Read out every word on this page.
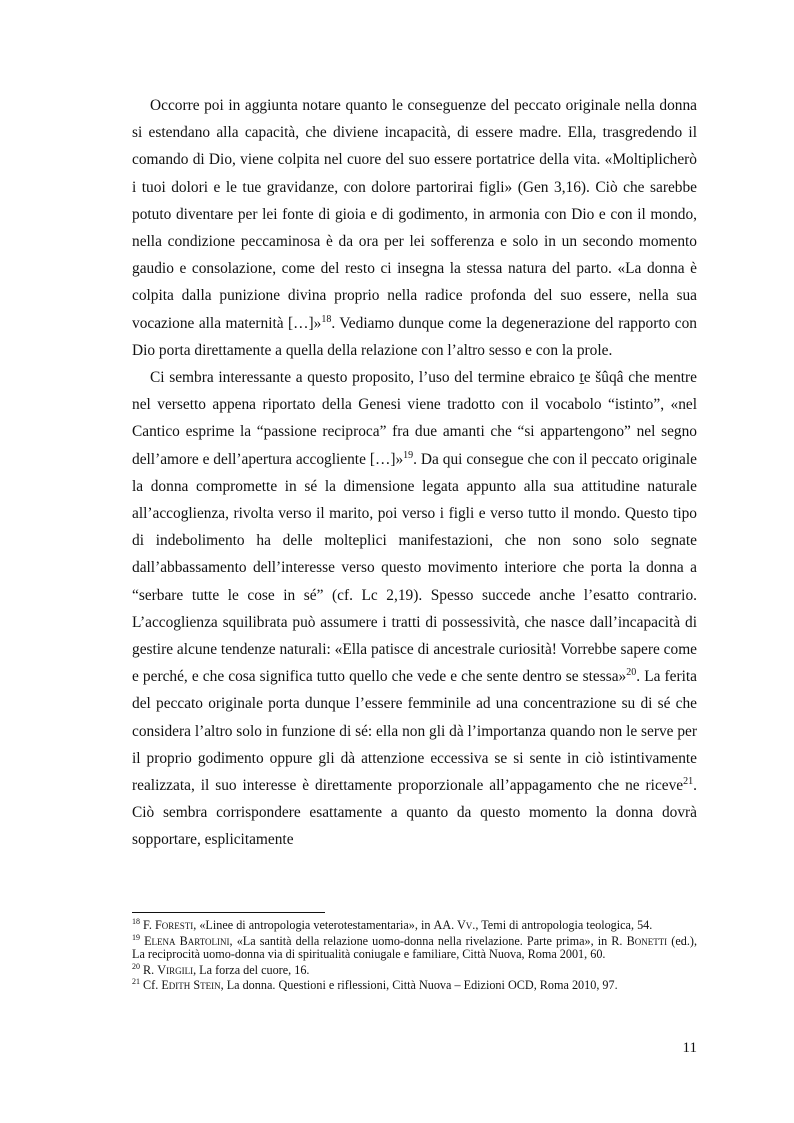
Occorre poi in aggiunta notare quanto le conseguenze del peccato originale nella donna si estendano alla capacità, che diviene incapacità, di essere madre. Ella, trasgredendo il comando di Dio, viene colpita nel cuore del suo essere portatrice della vita. «Moltiplicherò i tuoi dolori e le tue gravidanze, con dolore partorirai figli» (Gen 3,16). Ciò che sarebbe potuto diventare per lei fonte di gioia e di godimento, in armonia con Dio e con il mondo, nella condizione peccaminosa è da ora per lei sofferenza e solo in un secondo momento gaudio e consolazione, come del resto ci insegna la stessa natura del parto. «La donna è colpita dalla punizione divina proprio nella radice profonda del suo essere, nella sua vocazione alla maternità […]»$^{18}$. Vediamo dunque come la degenerazione del rapporto con Dio porta direttamente a quella della relazione con l’altro sesso e con la prole.

Ci sembra interessante a questo proposito, l’uso del termine ebraico ṯe šûqâ che mentre nel versetto appena riportato della Genesi viene tradotto con il vocabolo “istinto”, «nel Cantico esprime la “passione reciproca” fra due amanti che “si appartengono” nel segno dell’amore e dell’apertura accogliente […]»$^{19}$. Da qui consegue che con il peccato originale la donna compromette in sé la dimensione legata appunto alla sua attitudine naturale all’accoglienza, rivolta verso il marito, poi verso i figli e verso tutto il mondo. Questo tipo di indebolimento ha delle molteplici manifestazioni, che non sono solo segnate dall’abbassamento dell’interesse verso questo movimento interiore che porta la donna a “serbare tutte le cose in sé” (cf. Lc 2,19). Spesso succede anche l’esatto contrario. L’accoglienza squilibrata può assumere i tratti di possessività, che nasce dall’incapacità di gestire alcune tendenze naturali: «Ella patisce di ancestrale curiosità! Vorrebbe sapere come e perché, e che cosa significa tutto quello che vede e che sente dentro se stessa»$^{20}$. La ferita del peccato originale porta dunque l’essere femminile ad una concentrazione su di sé che considera l’altro solo in funzione di sé: ella non gli dà l’importanza quando non le serve per il proprio godimento oppure gli dà attenzione eccessiva se si sente in ciò istintivamente realizzata, il suo interesse è direttamente proporzionale all’appagamento che ne riceve$^{21}$. Ciò sembra corrispondere esattamente a quanto da questo momento la donna dovrà sopportare, esplicitamente

$^{18}$ F. Foresti, «Linee di antropologia veterotestamentaria», in AA. Vv., Temi di antropologia teologica, 54.

$^{19}$ Elena Bartolini, «La santità della relazione uomo-donna nella rivelazione. Parte prima», in R. Bonetti (ed.), La reciprocità uomo-donna via di spiritualità coniugale e familiare, Città Nuova, Roma 2001, 60.

$^{20}$ R. Virgili, La forza del cuore, 16.

$^{21}$ Cf. Edith Stein, La donna. Questioni e riflessioni, Città Nuova – Edizioni OCD, Roma 2010, 97.

11
